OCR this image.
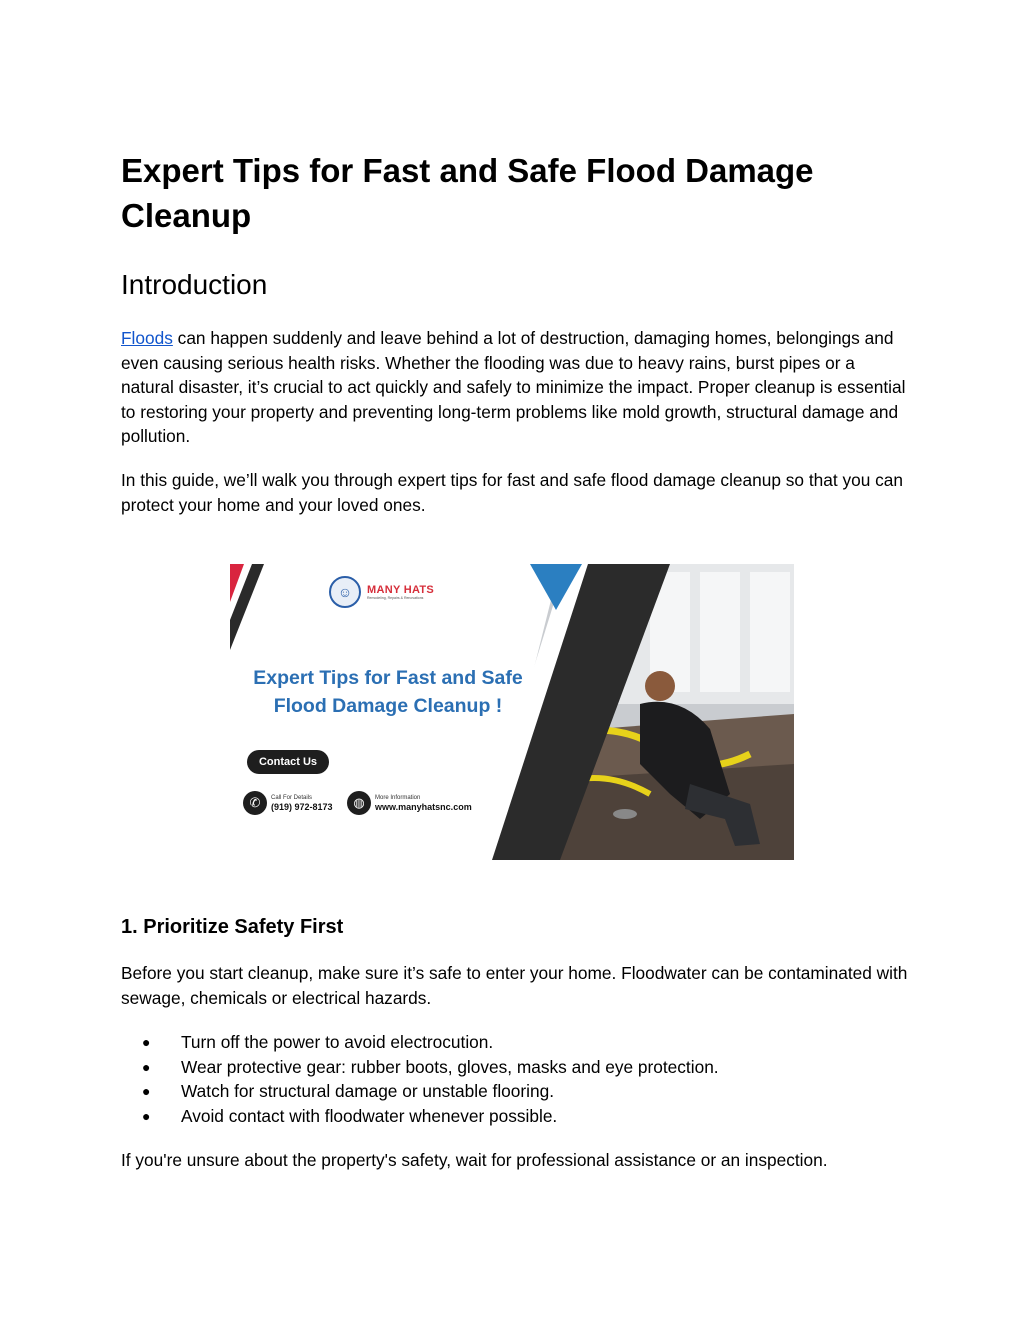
Expert Tips for Fast and Safe Flood Damage Cleanup
Introduction

Floods can happen suddenly and leave behind a lot of destruction, damaging homes, belongings and even causing serious health risks. Whether the flooding was due to heavy rains, burst pipes or a natural disaster, it’s crucial to act quickly and safely to minimize the impact. Proper cleanup is essential to restoring your property and preventing long-term problems like mold growth, structural damage and pollution.

In this guide, we’ll walk you through expert tips for fast and safe flood damage cleanup so that you can protect your home and your loved ones.

1. Prioritize Safety First

Before you start cleanup, make sure it’s safe to enter your home. Floodwater can be contaminated with sewage, chemicals or electrical hazards.

● Turn off the power to avoid electrocution.
● Wear protective gear: rubber boots, gloves, masks and eye protection.
● Watch for structural damage or unstable flooring.
● Avoid contact with floodwater whenever possible.

If you're unsure about the property's safety, wait for professional assistance or an inspection.

☺	MANY HATS
Remodeling, Repairs & Renovations
Expert Tips for Fast and Safe
Flood Damage Cleanup !
Contact Us
✆	Call For Details
(919) 972-8173	◍	More Information
www.manyhatsnc.com
